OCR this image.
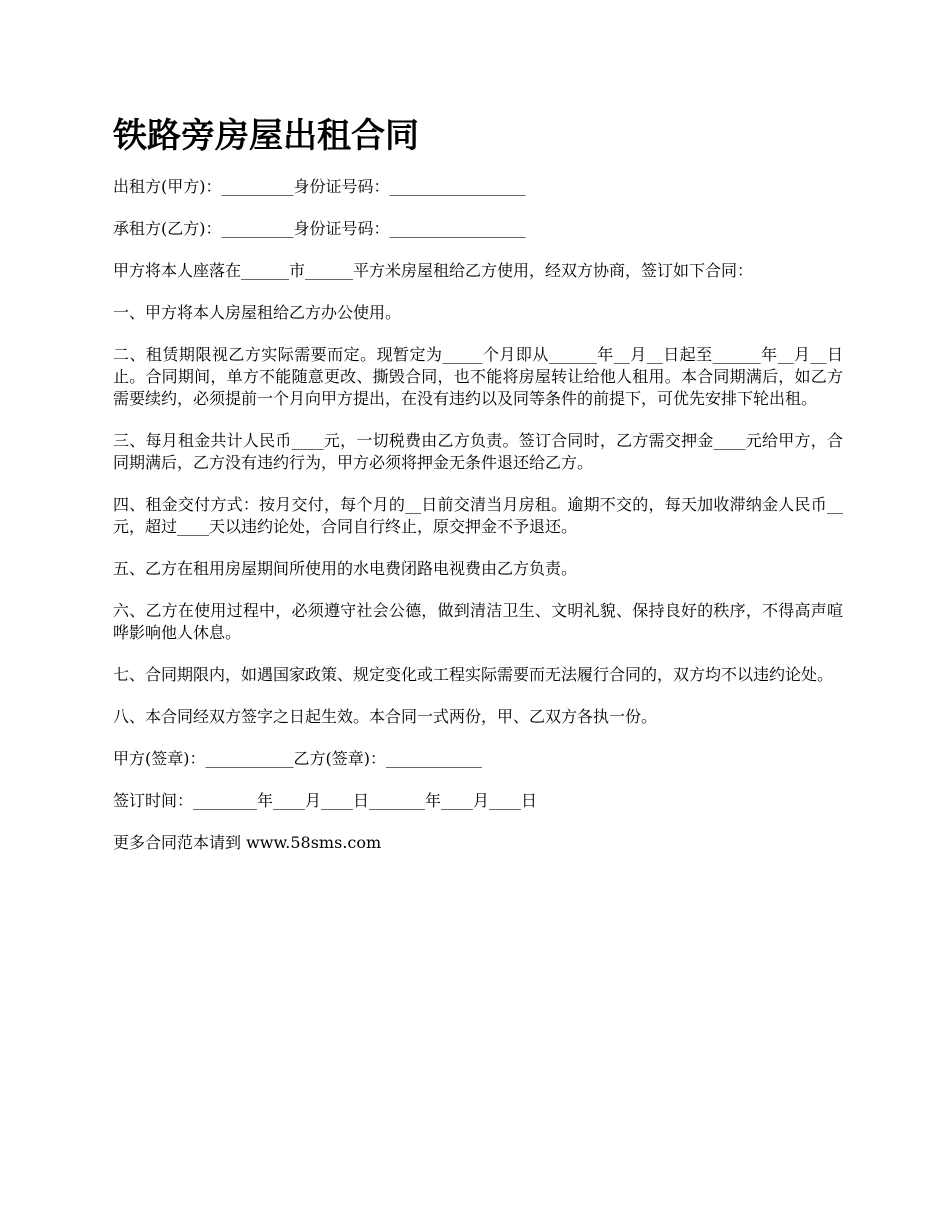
铁路旁房屋出租合同

出租方(甲方)：_________身份证号码：_________________

承租方(乙方)：_________身份证号码：_________________

甲方将本人座落在______市______平方米房屋租给乙方使用，经双方协商，签订如下合同：

一、甲方将本人房屋租给乙方办公使用。

二、租赁期限视乙方实际需要而定。现暂定为_____个月即从______年__月__日起至______年__月__日止。合同期间，单方不能随意更改、撕毁合同，也不能将房屋转让给他人租用。本合同期满后，如乙方需要续约，必须提前一个月向甲方提出，在没有违约以及同等条件的前提下，可优先安排下轮出租。

三、每月租金共计人民币____元，一切税费由乙方负责。签订合同时，乙方需交押金____元给甲方，合同期满后，乙方没有违约行为，甲方必须将押金无条件退还给乙方。

四、租金交付方式：按月交付，每个月的__日前交清当月房租。逾期不交的，每天加收滞纳金人民币__元，超过____天以违约论处，合同自行终止，原交押金不予退还。

五、乙方在租用房屋期间所使用的水电费闭路电视费由乙方负责。

六、乙方在使用过程中，必须遵守社会公德，做到清洁卫生、文明礼貌、保持良好的秩序，不得高声喧哗影响他人休息。

七、合同期限内，如遇国家政策、规定变化或工程实际需要而无法履行合同的，双方均不以违约论处。

八、本合同经双方签字之日起生效。本合同一式两份，甲、乙双方各执一份。

甲方(签章)：___________乙方(签章)：____________

签订时间：________年____月____日_______年____月____日

更多合同范本请到 www.58sms.com
